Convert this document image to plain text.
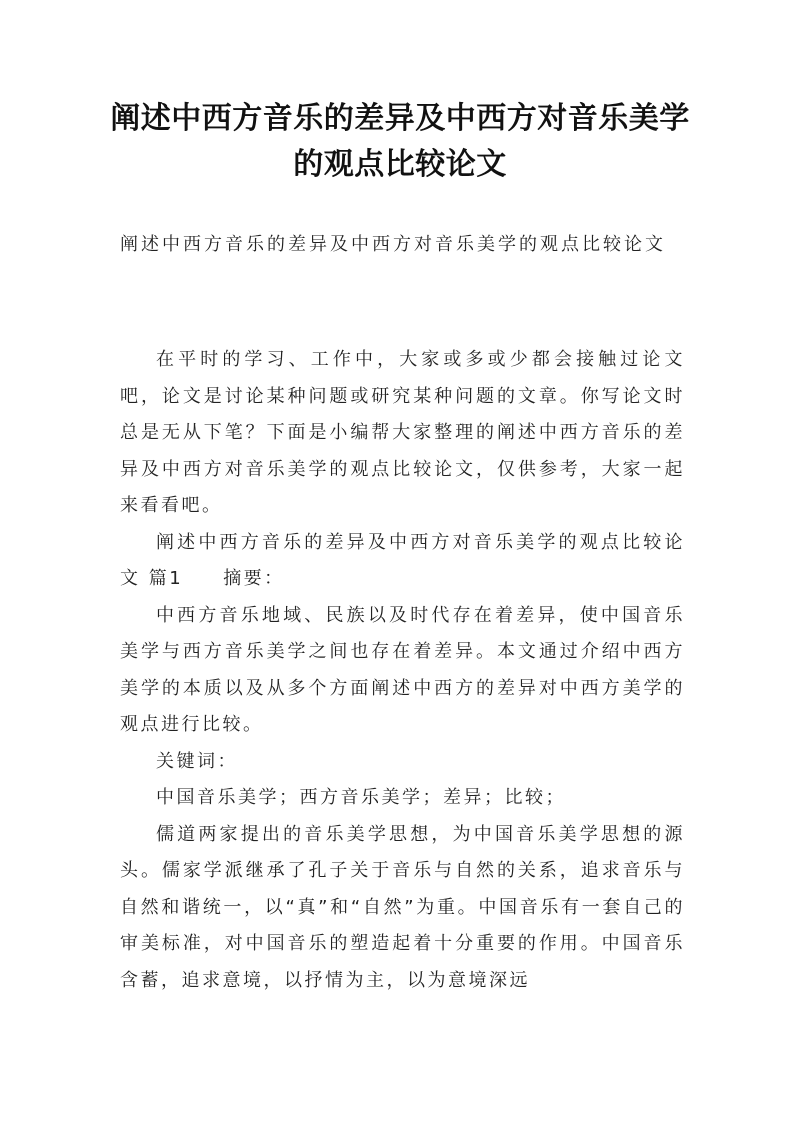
阐述中西方音乐的差异及中西方对音乐美学的观点比较论文

阐述中西方音乐的差异及中西方对音乐美学的观点比较论文

在平时的学习、工作中，大家或多或少都会接触过论文吧，论文是讨论某种问题或研究某种问题的文章。你写论文时总是无从下笔？下面是小编帮大家整理的阐述中西方音乐的差异及中西方对音乐美学的观点比较论文，仅供参考，大家一起来看看吧。

阐述中西方音乐的差异及中西方对音乐美学的观点比较论文 篇1 摘要：

中西方音乐地域、民族以及时代存在着差异，使中国音乐美学与西方音乐美学之间也存在着差异。本文通过介绍中西方美学的本质以及从多个方面阐述中西方的差异对中西方美学的观点进行比较。

关键词：

中国音乐美学；西方音乐美学；差异；比较；

儒道两家提出的音乐美学思想，为中国音乐美学思想的源头。儒家学派继承了孔子关于音乐与自然的关系，追求音乐与自然和谐统一，以“真”和“自然”为重。中国音乐有一套自己的审美标准，对中国音乐的塑造起着十分重要的作用。中国音乐含蓄，追求意境，以抒情为主，以为意境深远
